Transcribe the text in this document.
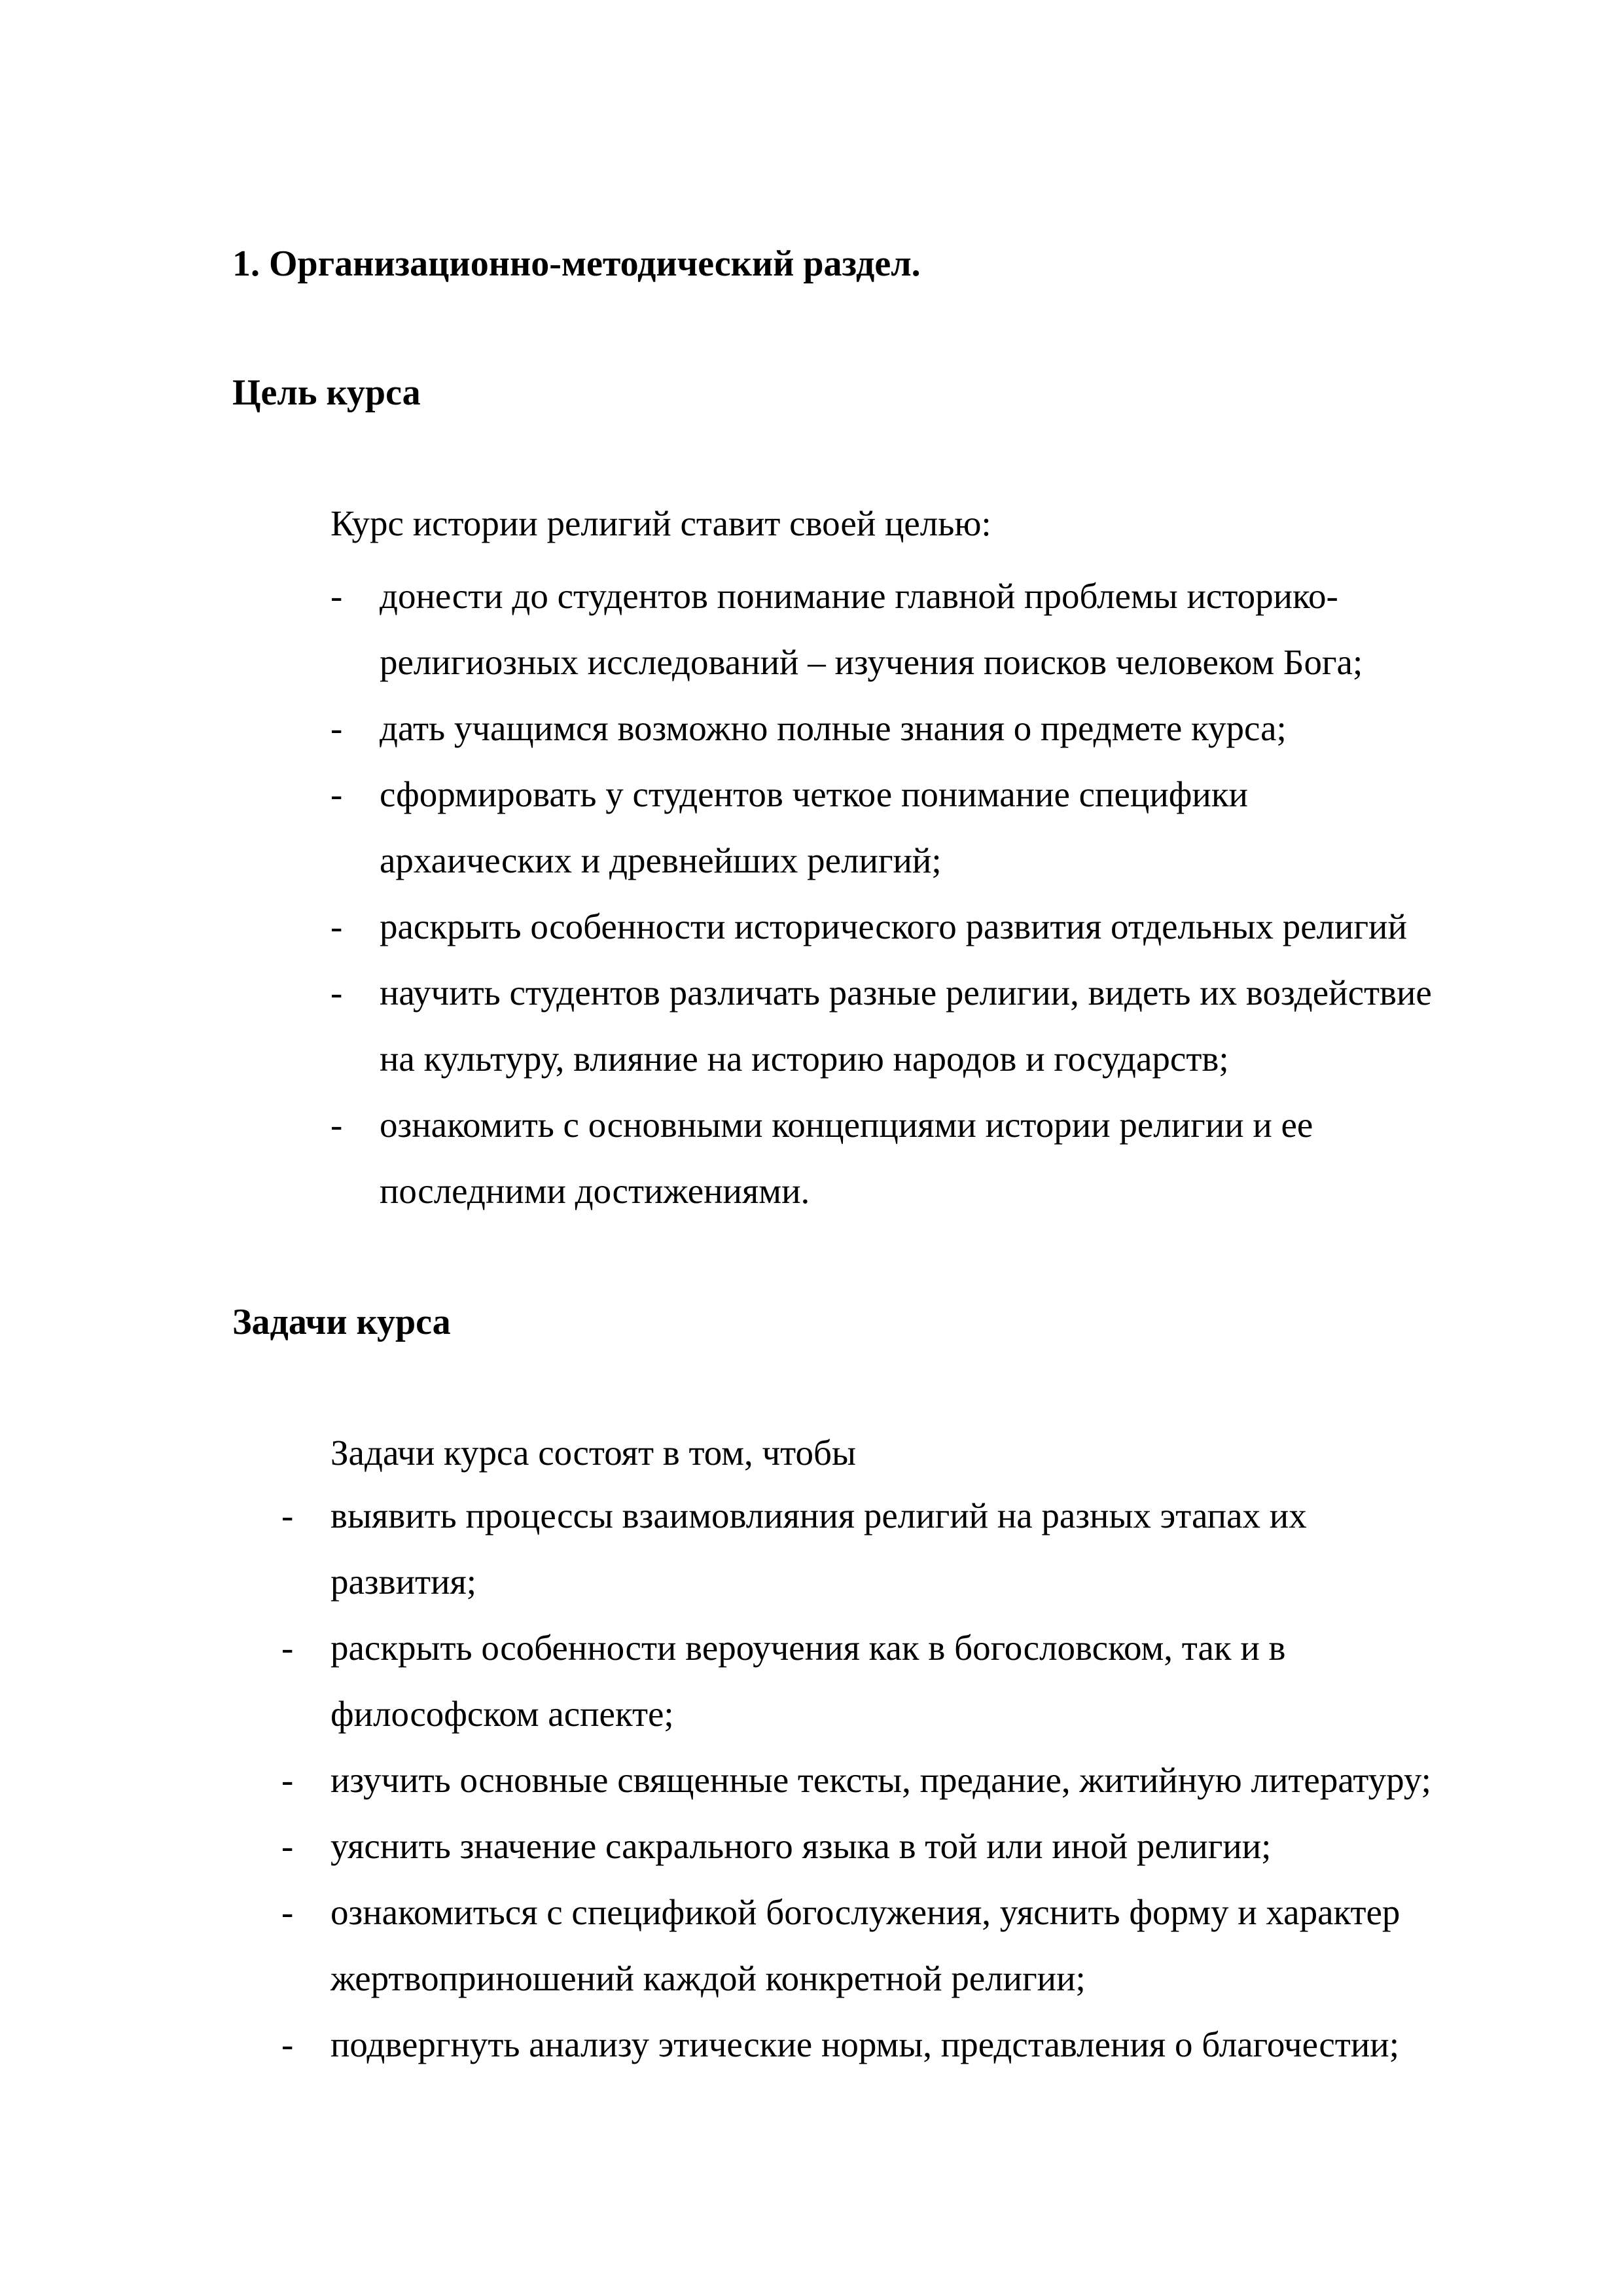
1. Организационно-методический раздел.
Цель курса

Курс истории религий ставит своей целью:

- донести до студентов понимание главной проблемы историко-
религиозных исследований – изучения поисков человеком Бога;
- дать учащимся возможно полные знания о предмете курса;
- сформировать у студентов четкое понимание специфики
архаических и древнейших религий;
- раскрыть особенности исторического развития отдельных религий
- научить студентов различать разные религии, видеть их воздействие
на культуру, влияние на историю народов и государств;
- ознакомить с основными концепциями истории религии и ее
последними достижениями.
Задачи курса

Задачи курса состоят в том, чтобы

- выявить процессы взаимовлияния религий на разных этапах их
развития;
- раскрыть особенности вероучения как в богословском, так и в
философском аспекте;
- изучить основные священные тексты, предание, житийную литературу;
- уяснить значение сакрального языка в той или иной религии;
- ознакомиться с спецификой богослужения, уяснить форму и характер
жертвоприношений каждой конкретной религии;
- подвергнуть анализу этические нормы, представления о благочестии;
